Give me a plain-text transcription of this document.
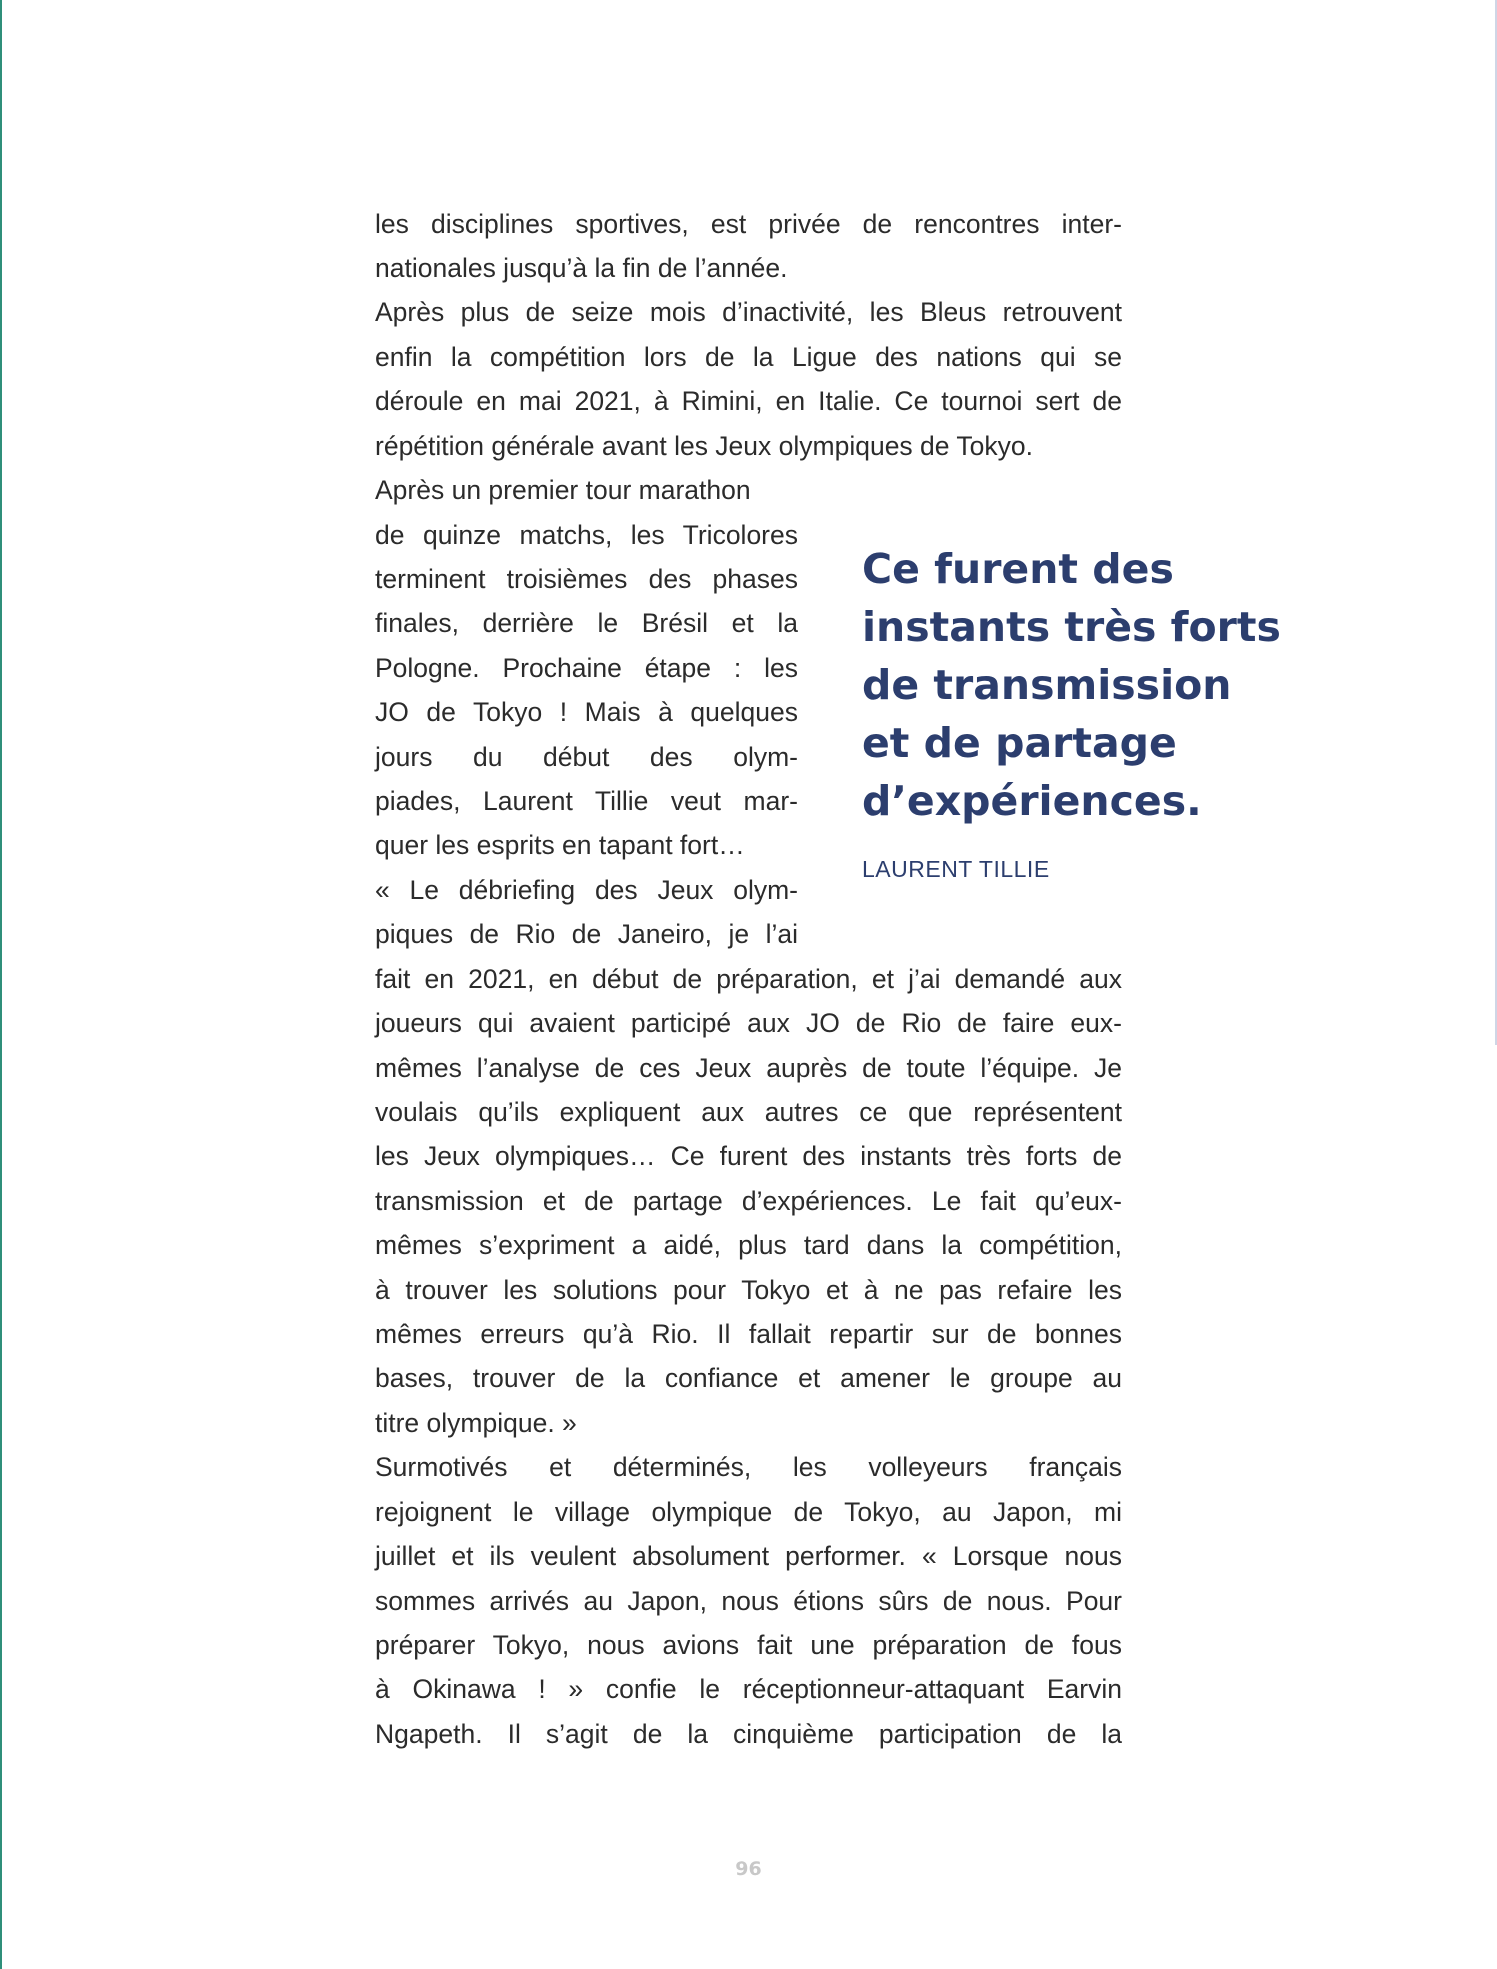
les disciplines sportives, est privée de rencontres inter-
nationales jusqu’à la fin de l’année.
Après plus de seize mois d’inactivité, les Bleus retrouvent
enfin la compétition lors de la Ligue des nations qui se
déroule en mai 2021, à Rimini, en Italie. Ce tournoi sert de
répétition générale avant les Jeux olympiques de Tokyo.
Après un premier tour marathon
de quinze matchs, les Tricolores
terminent troisièmes des phases
finales, derrière le Brésil et la
Pologne. Prochaine étape : les
JO de Tokyo ! Mais à quelques
jours du début des olym-
piades, Laurent Tillie veut mar-
quer les esprits en tapant fort…
« Le débriefing des Jeux olym-
piques de Rio de Janeiro, je l’ai
fait en 2021, en début de préparation, et j’ai demandé aux
joueurs qui avaient participé aux JO de Rio de faire eux-
mêmes l’analyse de ces Jeux auprès de toute l’équipe. Je
voulais qu’ils expliquent aux autres ce que représentent
les Jeux olympiques… Ce furent des instants très forts de
transmission et de partage d’expériences. Le fait qu’eux-
mêmes s’expriment a aidé, plus tard dans la compétition,
à trouver les solutions pour Tokyo et à ne pas refaire les
mêmes erreurs qu’à Rio. Il fallait repartir sur de bonnes
bases, trouver de la confiance et amener le groupe au
titre olympique. »
Surmotivés et déterminés, les volleyeurs français
rejoignent le village olympique de Tokyo, au Japon, mi
juillet et ils veulent absolument performer. « Lorsque nous
sommes arrivés au Japon, nous étions sûrs de nous. Pour
préparer Tokyo, nous avions fait une préparation de fous
à Okinawa ! » confie le réceptionneur-attaquant Earvin
Ngapeth. Il s’agit de la cinquième participation de la
Ce furent des
instants très forts
de transmission
et de partage
d’expériences.
LAURENT TILLIE
96
